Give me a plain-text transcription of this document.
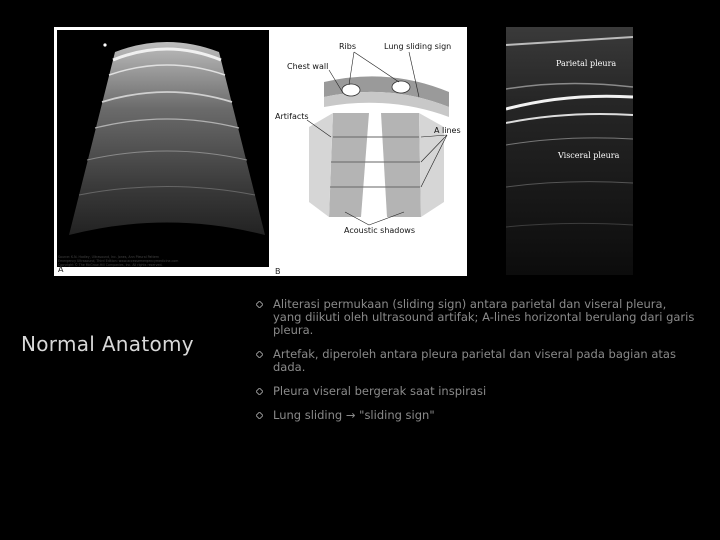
A
Ribs	Lung sliding sign
Chest wall
Artifacts
A lines
Acoustic shadows
B
Source: K.N. Hadley, Ultrasound, Inc. Jones, Ann Pleural Pattern
Emergency Ultrasound, Third Edition: www.accessemergencymedicine.com
Copyright © The McGraw-Hill Companies, Inc. All rights reserved.
Parietal pleura
Visceral pleura
Normal Anatomy
Aliterasi permukaan (sliding sign) antara parietal dan viseral pleura, yang diikuti oleh ultrasound artifak; A-lines horizontal berulang dari garis pleura.
Artefak, diperoleh antara pleura parietal dan viseral pada bagian atas dada.
Pleura viseral bergerak saat inspirasi
Lung sliding → "sliding sign"
